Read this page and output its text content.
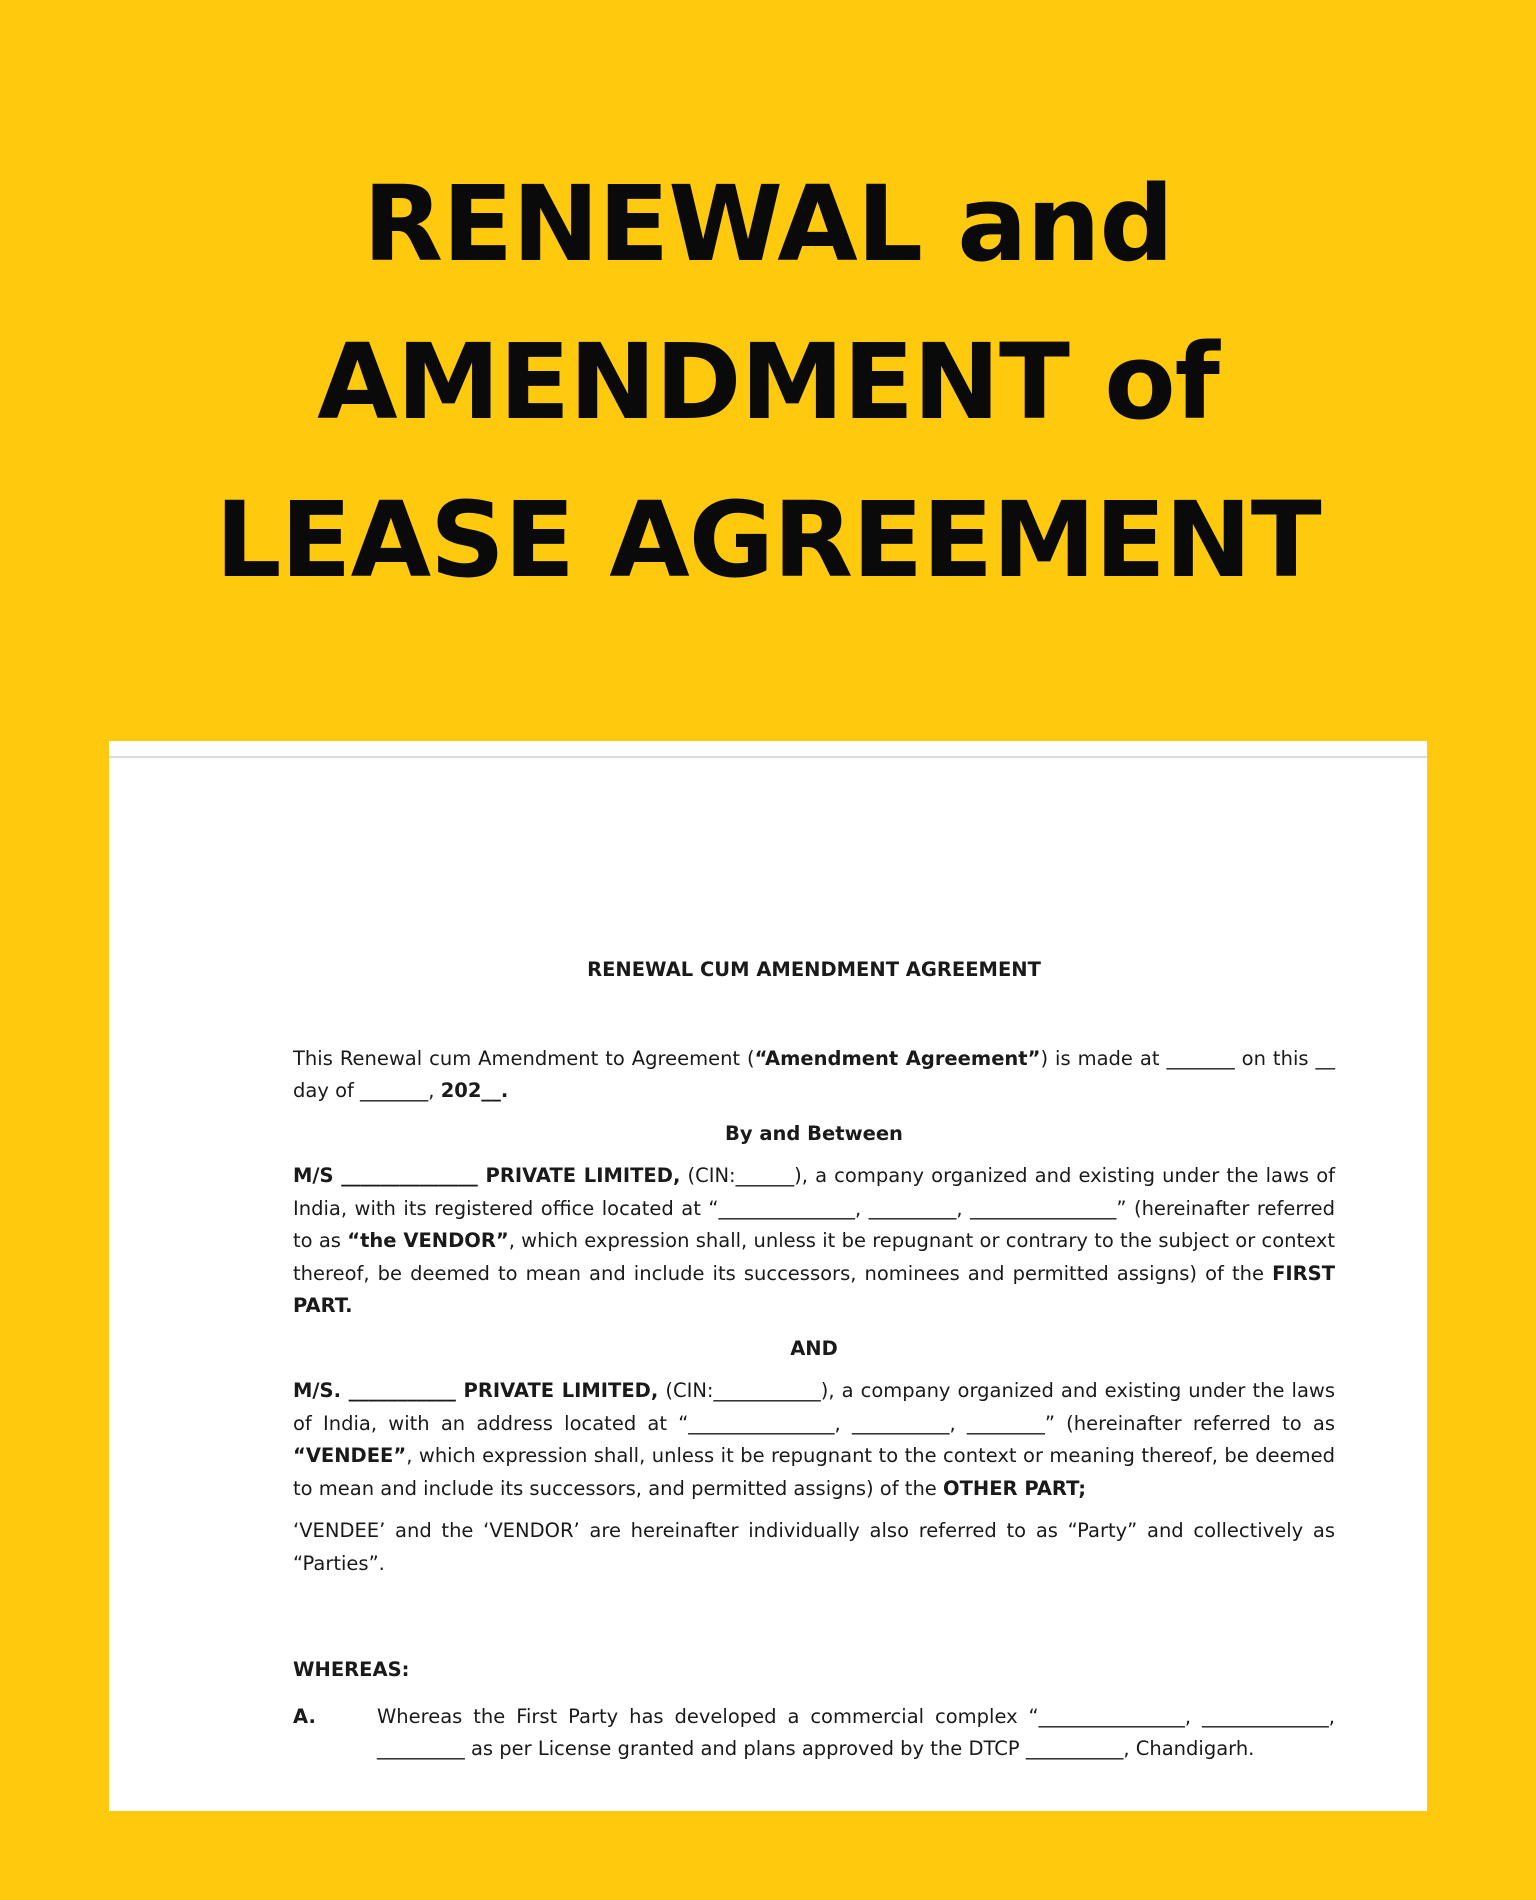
RENEWAL and
AMENDMENT of
LEASE AGREEMENT

RENEWAL CUM AMENDMENT AGREEMENT

This Renewal cum Amendment to Agreement (“Amendment Agreement”) is made at _______ on this __ day of _______, 202__.

By and Between

M/S ______________ PRIVATE LIMITED, (CIN:______), a company organized and existing under the laws of India, with its registered office located at “______________, _________, _______________” (hereinafter referred to as “the VENDOR”, which expression shall, unless it be repugnant or contrary to the subject or context thereof, be deemed to mean and include its successors, nominees and permitted assigns) of the FIRST PART.

AND

M/S. ___________ PRIVATE LIMITED, (CIN:___________), a company organized and existing under the laws of India, with an address located at “_______________, __________, ________” (hereinafter referred to as “VENDEE”, which expression shall, unless it be repugnant to the context or meaning thereof, be deemed to mean and include its successors, and permitted assigns) of the OTHER PART;

‘VENDEE’ and the ‘VENDOR’ are hereinafter individually also referred to as “Party” and collectively as “Parties”.

WHEREAS:

A.	Whereas the First Party has developed a commercial complex “_______________, _____________, _________ as per License granted and plans approved by the DTCP __________, Chandigarh.
